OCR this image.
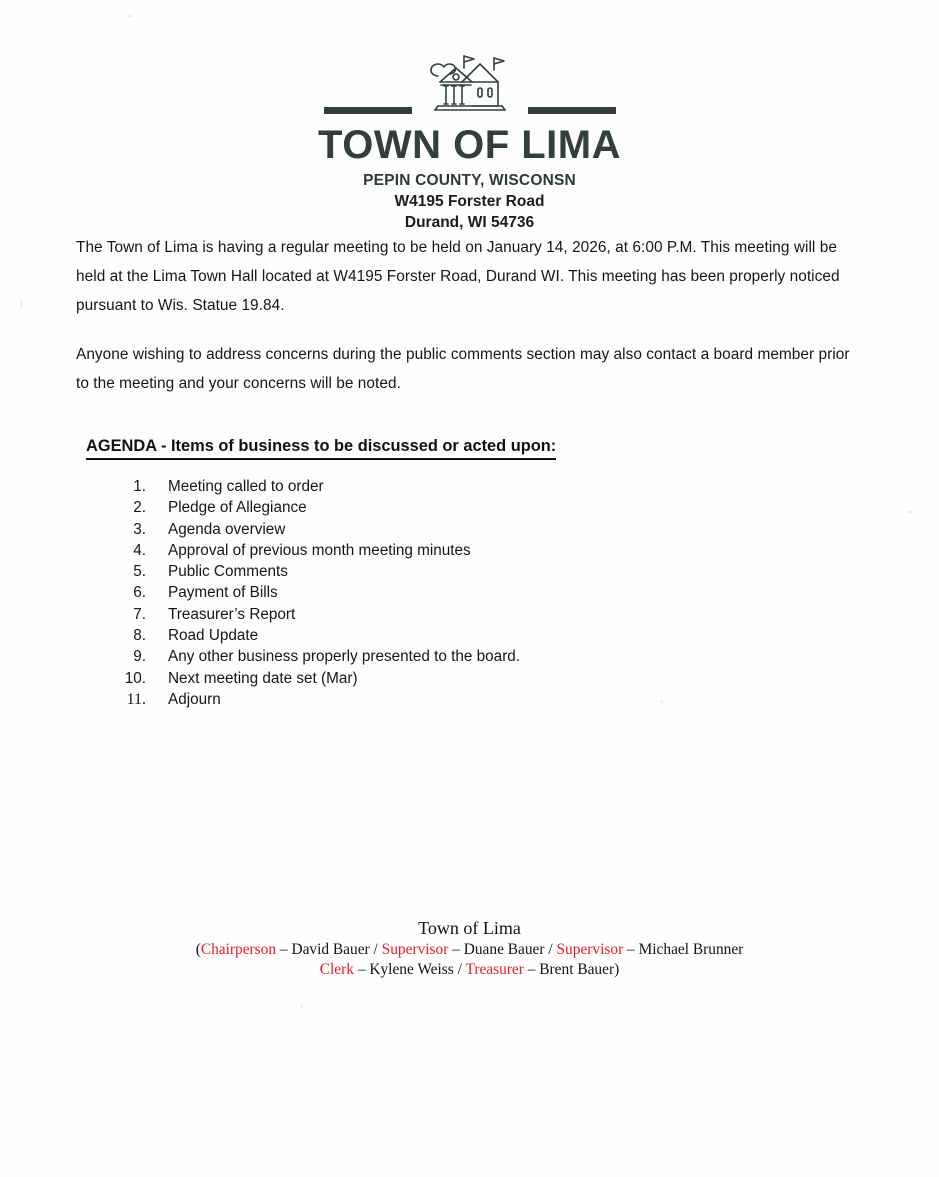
TOWN OF LIMA
PEPIN COUNTY, WISCONSN
W4195 Forster Road
Durand, WI 54736

The Town of Lima is having a regular meeting to be held on January 14, 2026, at 6:00 P.M. This meeting will be held at the Lima Town Hall located at W4195 Forster Road, Durand WI. This meeting has been properly noticed pursuant to Wis. Statue 19.84.

Anyone wishing to address concerns during the public comments section may also contact a board member prior to the meeting and your concerns will be noted.

AGENDA - Items of business to be discussed or acted upon:
1. Meeting called to order
2. Pledge of Allegiance
3. Agenda overview
4. Approval of previous month meeting minutes
5. Public Comments
6. Payment of Bills
7. Treasurer’s Report
8. Road Update
9. Any other business properly presented to the board.
10. Next meeting date set (Mar)
11. Adjourn
Town of Lima
(Chairperson – David Bauer / Supervisor – Duane Bauer / Supervisor – Michael Brunner
Clerk – Kylene Weiss / Treasurer – Brent Bauer)
